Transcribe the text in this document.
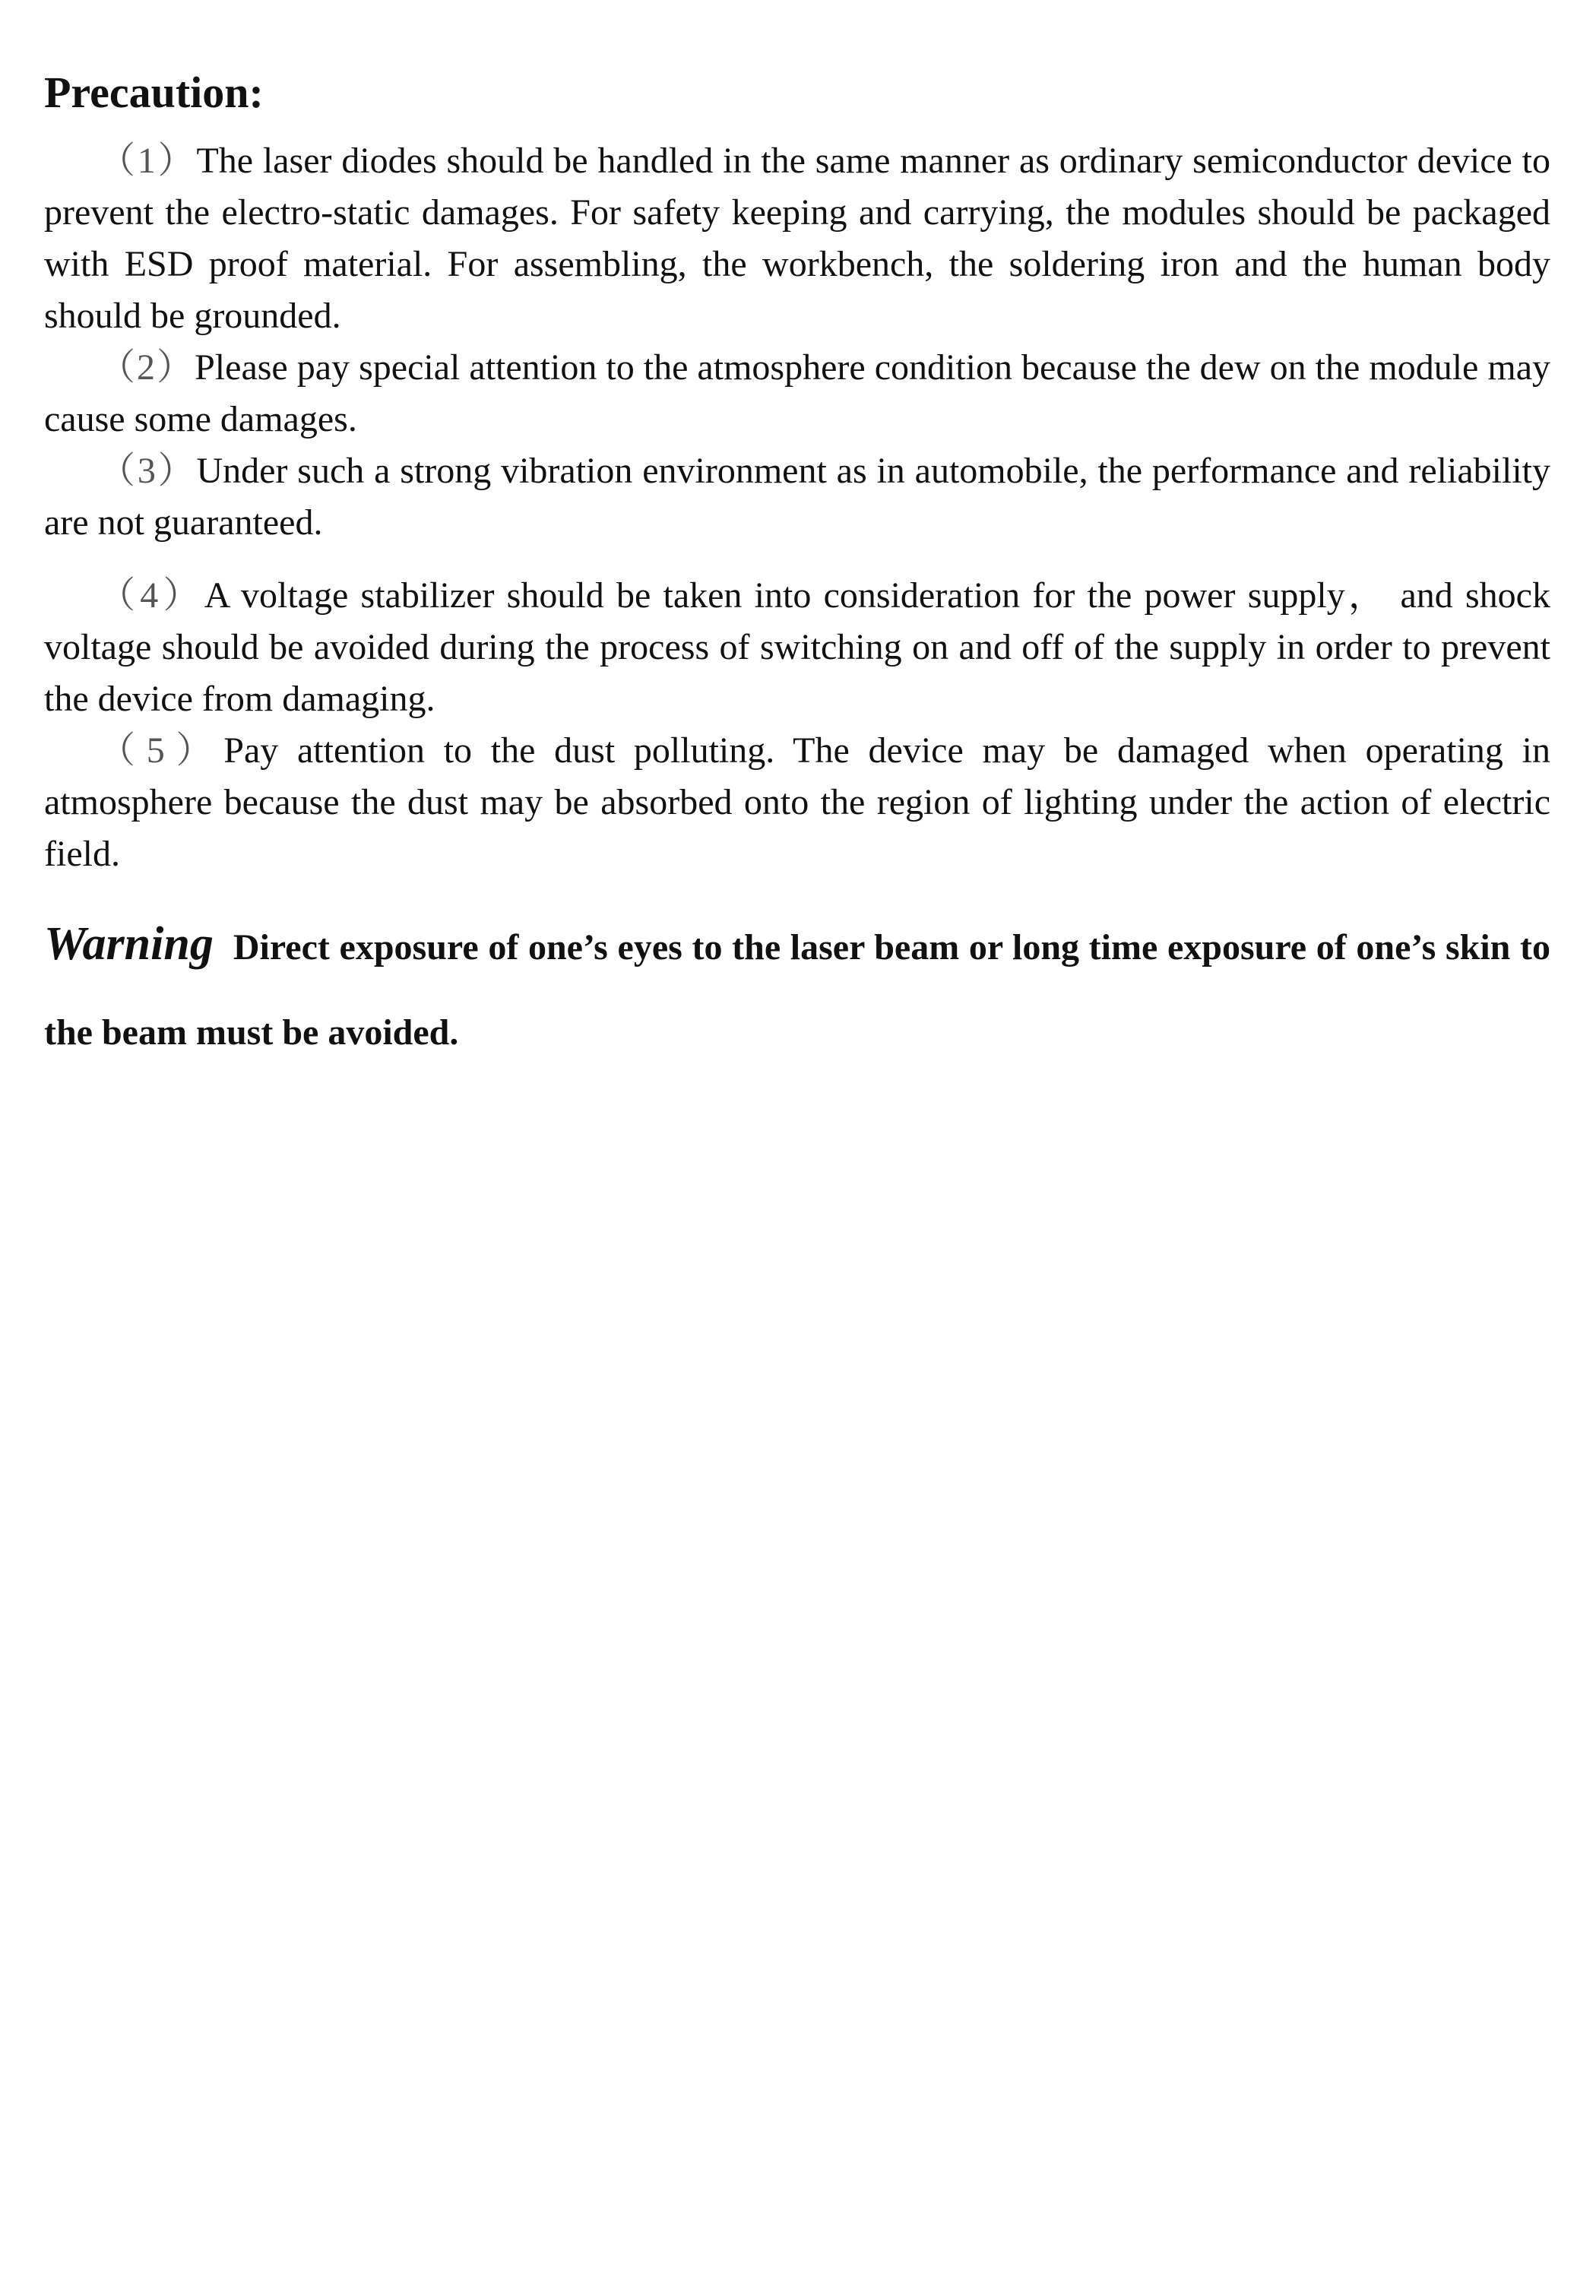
Precaution:

（1）The laser diodes should be handled in the same manner as ordinary semiconductor device to prevent the electro-static damages. For safety keeping and carrying, the modules should be packaged with ESD proof material. For assembling, the workbench, the soldering iron and the human body should be grounded.

（2）Please pay special attention to the atmosphere condition because the dew on the module may cause some damages.

（3）Under such a strong vibration environment as in automobile, the performance and reliability are not guaranteed.

（4）A voltage stabilizer should be taken into consideration for the power supply， and shock voltage should be avoided during the process of switching on and off of the supply in order to prevent the device from damaging.

（5）Pay attention to the dust polluting. The device may be damaged when operating in atmosphere because the dust may be absorbed onto the region of lighting under the action of electric field.

Warning Direct exposure of one’s eyes to the laser beam or long time exposure of one’s skin to the beam must be avoided.
